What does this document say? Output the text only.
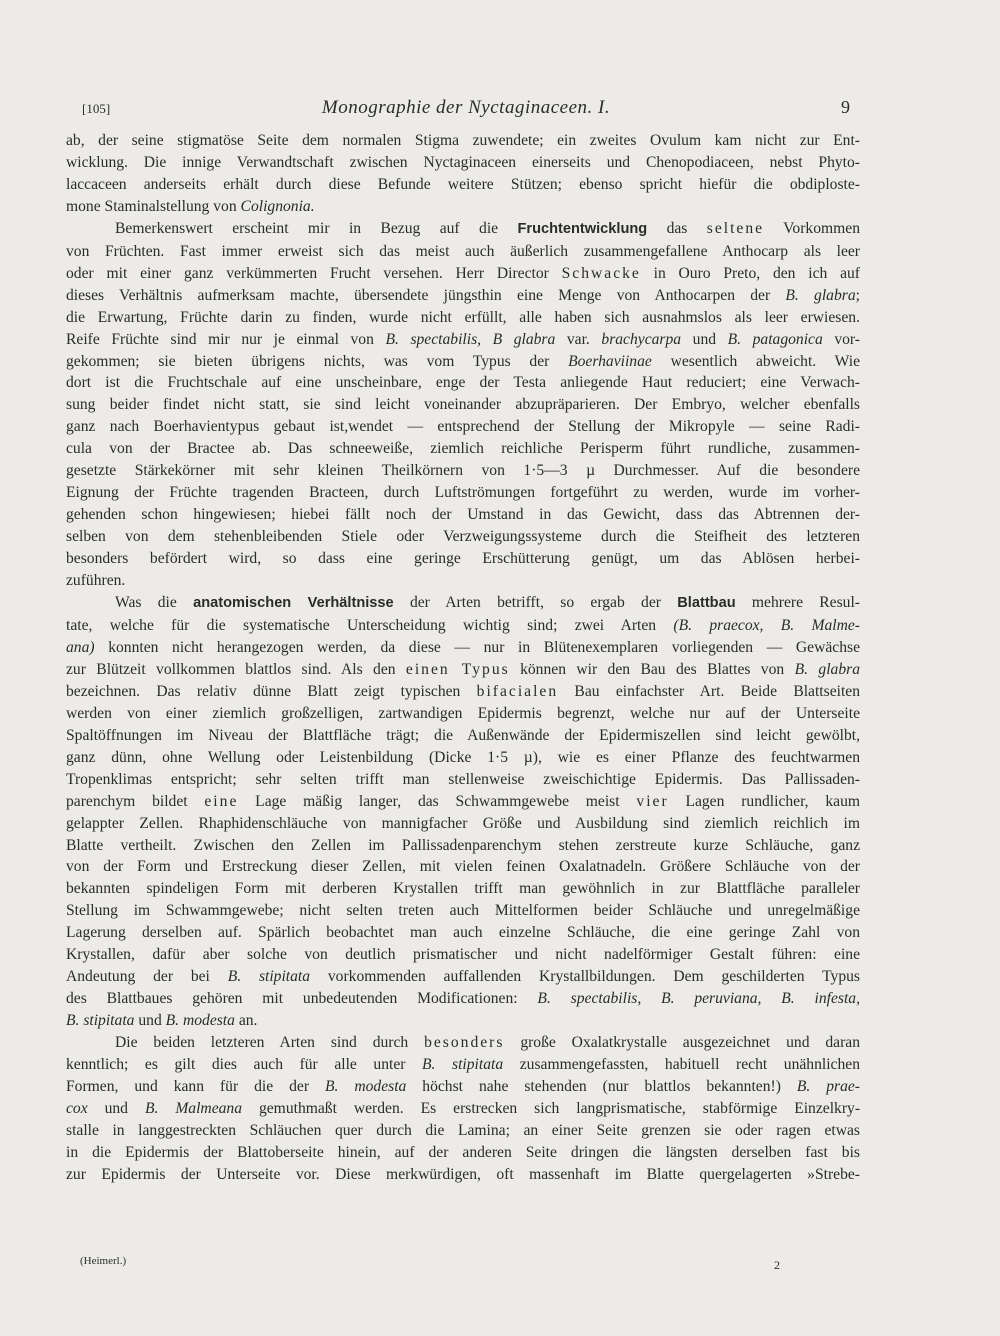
[105]	Monographie der Nyctaginaceen. I.	9
ab, der seine stigmatöse Seite dem normalen Stigma zuwendete; ein zweites Ovulum kam nicht zur Ent-
wicklung. Die innige Verwandtschaft zwischen Nyctaginaceen einerseits und Chenopodiaceen, nebst Phyto-
laccaceen anderseits erhält durch diese Befunde weitere Stützen; ebenso spricht hiefür die obdiploste-
mone Staminalstellung von Colignonia.
Bemerkenswert erscheint mir in Bezug auf die Fruchtentwicklung das seltene Vorkommen
von Früchten. Fast immer erweist sich das meist auch äußerlich zusammengefallene Anthocarp als leer
oder mit einer ganz verkümmerten Frucht versehen. Herr Director Schwacke in Ouro Preto, den ich auf
dieses Verhältnis aufmerksam machte, übersendete jüngsthin eine Menge von Anthocarpen der B. glabra;
die Erwartung, Früchte darin zu finden, wurde nicht erfüllt, alle haben sich ausnahmslos als leer erwiesen.
Reife Früchte sind mir nur je einmal von B. spectabilis, B glabra var. brachycarpa und B. patagonica vor-
gekommen; sie bieten übrigens nichts, was vom Typus der Boerhaviinae wesentlich abweicht. Wie
dort ist die Fruchtschale auf eine unscheinbare, enge der Testa anliegende Haut reduciert; eine Verwach-
sung beider findet nicht statt, sie sind leicht voneinander abzupräparieren. Der Embryo, welcher ebenfalls
ganz nach Boerhavientypus gebaut ist,wendet — entsprechend der Stellung der Mikropyle — seine Radi-
cula von der Bractee ab. Das schneeweiße, ziemlich reichliche Perisperm führt rundliche, zusammen-
gesetzte Stärkekörner mit sehr kleinen Theilkörnern von 1·5—3 µ Durchmesser. Auf die besondere
Eignung der Früchte tragenden Bracteen, durch Luftströmungen fortgeführt zu werden, wurde im vorher-
gehenden schon hingewiesen; hiebei fällt noch der Umstand in das Gewicht, dass das Abtrennen der-
selben von dem stehenbleibenden Stiele oder Verzweigungssysteme durch die Steifheit des letzteren
besonders befördert wird, so dass eine geringe Erschütterung genügt, um das Ablösen herbei-
zuführen.
Was die anatomischen Verhältnisse der Arten betrifft, so ergab der Blattbau mehrere Resul-
tate, welche für die systematische Unterscheidung wichtig sind; zwei Arten (B. praecox, B. Malme-
ana) konnten nicht herangezogen werden, da diese — nur in Blütenexemplaren vorliegenden — Gewächse
zur Blützeit vollkommen blattlos sind. Als den einen Typus können wir den Bau des Blattes von B. glabra
bezeichnen. Das relativ dünne Blatt zeigt typischen bifacialen Bau einfachster Art. Beide Blattseiten
werden von einer ziemlich großzelligen, zartwandigen Epidermis begrenzt, welche nur auf der Unterseite
Spaltöffnungen im Niveau der Blattfläche trägt; die Außenwände der Epidermiszellen sind leicht gewölbt,
ganz dünn, ohne Wellung oder Leistenbildung (Dicke 1·5 µ), wie es einer Pflanze des feuchtwarmen
Tropenklimas entspricht; sehr selten trifft man stellenweise zweischichtige Epidermis. Das Pallissaden-
parenchym bildet eine Lage mäßig langer, das Schwammgewebe meist vier Lagen rundlicher, kaum
gelappter Zellen. Rhaphidenschläuche von mannigfacher Größe und Ausbildung sind ziemlich reichlich im
Blatte vertheilt. Zwischen den Zellen im Pallissadenparenchym stehen zerstreute kurze Schläuche, ganz
von der Form und Erstreckung dieser Zellen, mit vielen feinen Oxalatnadeln. Größere Schläuche von der
bekannten spindeligen Form mit derberen Krystallen trifft man gewöhnlich in zur Blattfläche paralleler
Stellung im Schwammgewebe; nicht selten treten auch Mittelformen beider Schläuche und unregelmäßige
Lagerung derselben auf. Spärlich beobachtet man auch einzelne Schläuche, die eine geringe Zahl von
Krystallen, dafür aber solche von deutlich prismatischer und nicht nadelförmiger Gestalt führen: eine
Andeutung der bei B. stipitata vorkommenden auffallenden Krystallbildungen. Dem geschilderten Typus
des Blattbaues gehören mit unbedeutenden Modificationen: B. spectabilis, B. peruviana, B. infesta,
B. stipitata und B. modesta an.
Die beiden letzteren Arten sind durch besonders große Oxalatkrystalle ausgezeichnet und daran
kenntlich; es gilt dies auch für alle unter B. stipitata zusammengefassten, habituell recht unähnlichen
Formen, und kann für die der B. modesta höchst nahe stehenden (nur blattlos bekannten!) B. prae-
cox und B. Malmeana gemuthmaßt werden. Es erstrecken sich langprismatische, stabförmige Einzelkry-
stalle in langgestreckten Schläuchen quer durch die Lamina; an einer Seite grenzen sie oder ragen etwas
in die Epidermis der Blattoberseite hinein, auf der anderen Seite dringen die längsten derselben fast bis
zur Epidermis der Unterseite vor. Diese merkwürdigen, oft massenhaft im Blatte quergelagerten »Strebe-
(Heimerl.)	2
